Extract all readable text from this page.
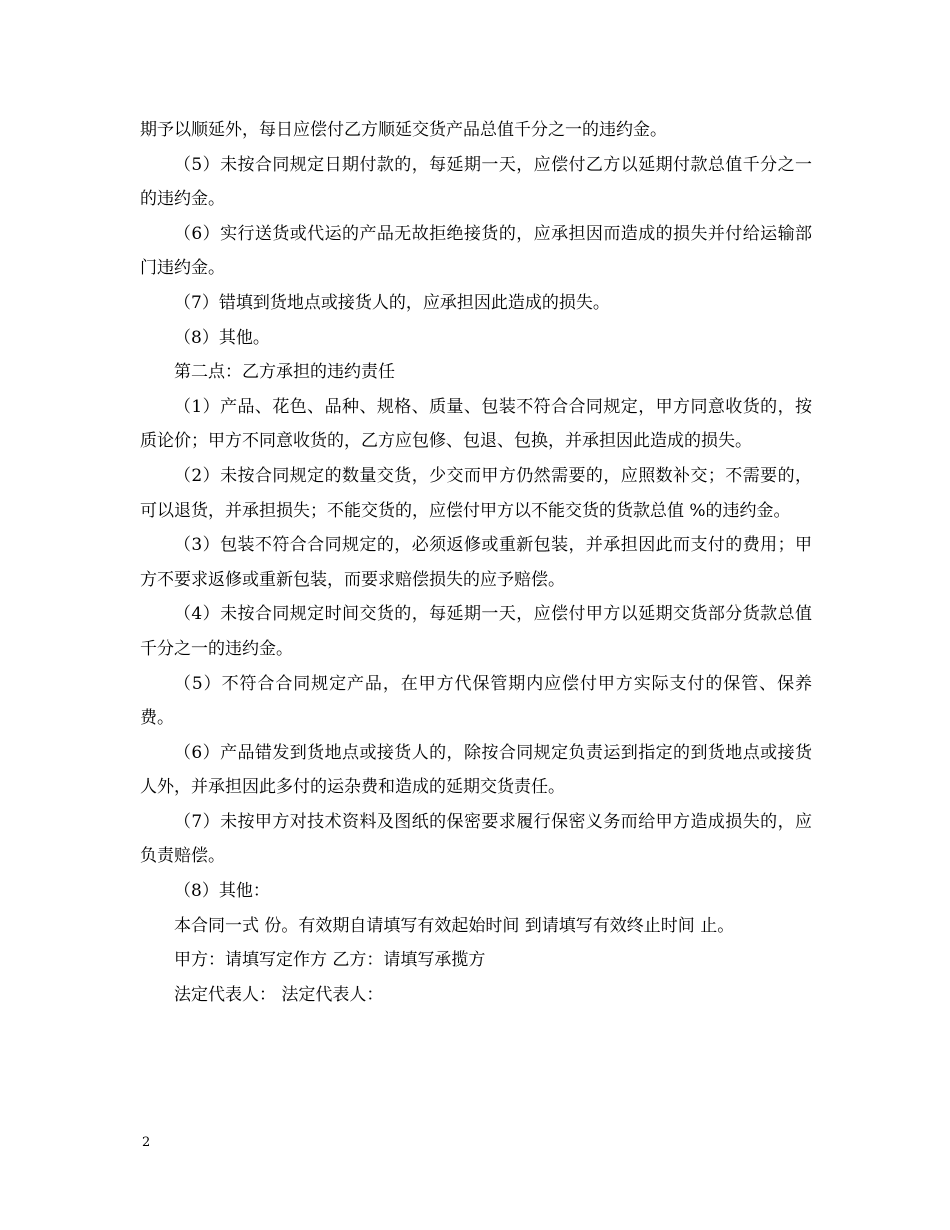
期予以顺延外，每日应偿付乙方顺延交货产品总值千分之一的违约金。

（5）未按合同规定日期付款的，每延期一天，应偿付乙方以延期付款总值千分之一的违约金。

（6）实行送货或代运的产品无故拒绝接货的，应承担因而造成的损失并付给运输部门违约金。

（7）错填到货地点或接货人的，应承担因此造成的损失。

（8）其他。

第二点：乙方承担的违约责任

（1）产品、花色、品种、规格、质量、包装不符合合同规定，甲方同意收货的，按质论价；甲方不同意收货的，乙方应包修、包退、包换，并承担因此造成的损失。

（2）未按合同规定的数量交货，少交而甲方仍然需要的，应照数补交；不需要的，可以退货，并承担损失；不能交货的，应偿付甲方以不能交货的货款总值 %的违约金。

（3）包装不符合合同规定的，必须返修或重新包装，并承担因此而支付的费用；甲方不要求返修或重新包装，而要求赔偿损失的应予赔偿。

（4）未按合同规定时间交货的，每延期一天，应偿付甲方以延期交货部分货款总值千分之一的违约金。

（5）不符合合同规定产品，在甲方代保管期内应偿付甲方实际支付的保管、保养费。

（6）产品错发到货地点或接货人的，除按合同规定负责运到指定的到货地点或接货人外，并承担因此多付的运杂费和造成的延期交货责任。

（7）未按甲方对技术资料及图纸的保密要求履行保密义务而给甲方造成损失的，应负责赔偿。

（8）其他：

本合同一式 份。有效期自请填写有效起始时间 到请填写有效终止时间 止。

甲方：请填写定作方 乙方：请填写承揽方

法定代表人： 法定代表人：

2
